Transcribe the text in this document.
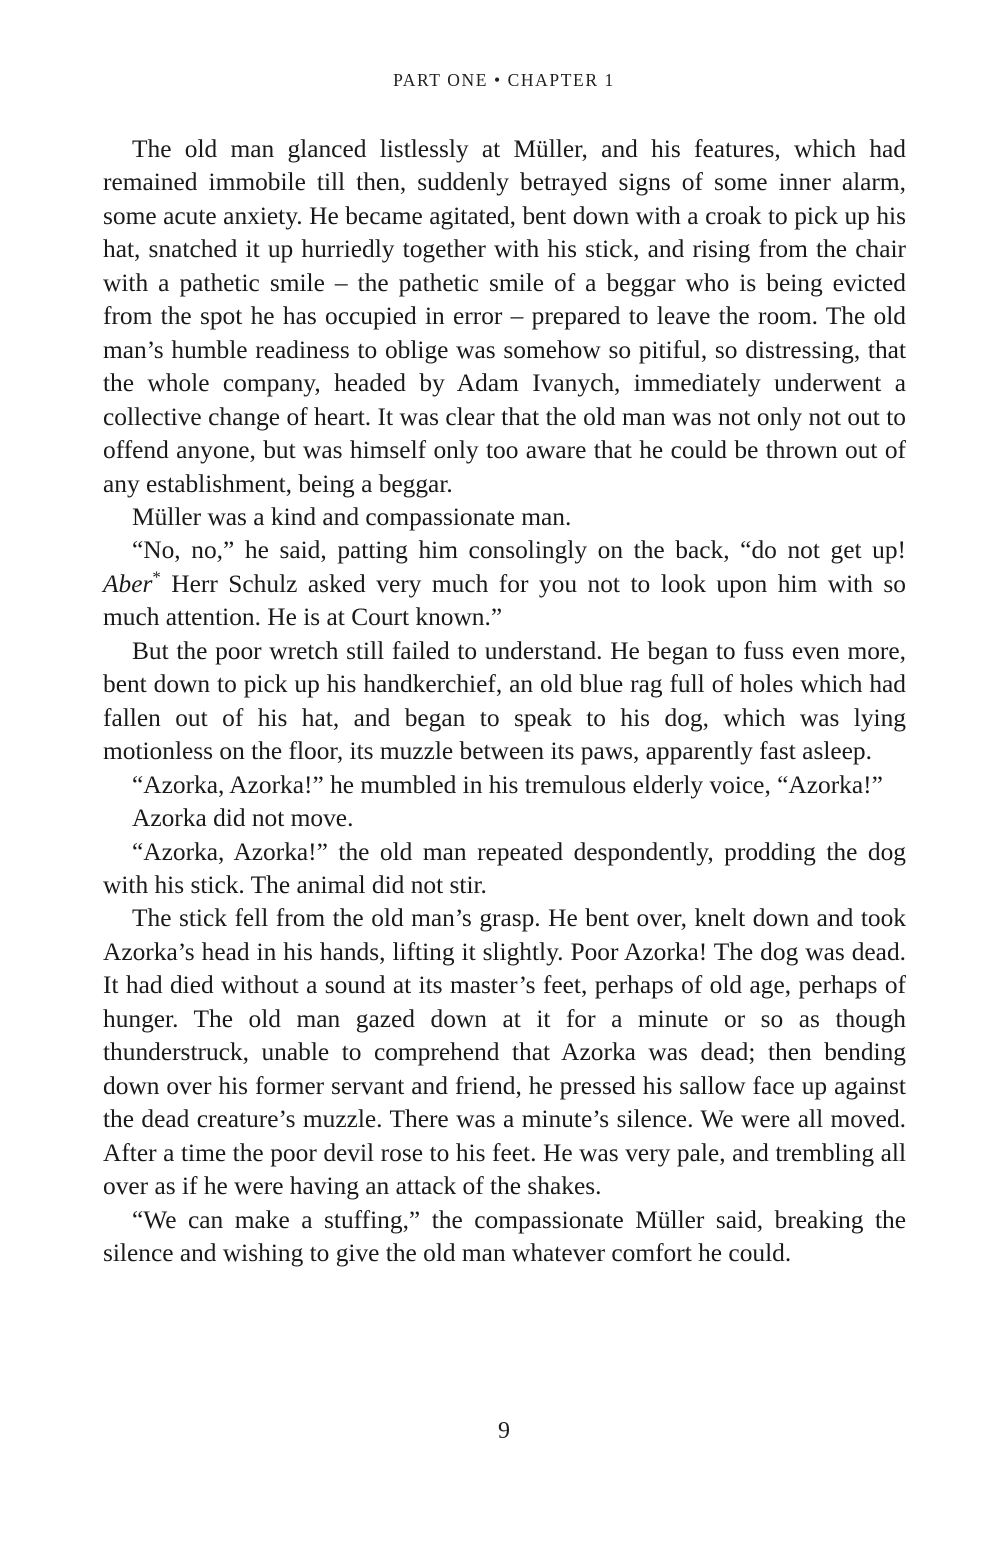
PART ONE • CHAPTER 1

The old man glanced listlessly at Müller, and his features, which had remained immobile till then, suddenly betrayed signs of some inner alarm, some acute anxiety. He became agitated, bent down with a croak to pick up his hat, snatched it up hurriedly together with his stick, and rising from the chair with a pathetic smile – the pathetic smile of a beggar who is being evicted from the spot he has occupied in error – prepared to leave the room. The old man’s humble readiness to oblige was somehow so pitiful, so distressing, that the whole company, headed by Adam Ivanych, immediately underwent a collective change of heart. It was clear that the old man was not only not out to offend anyone, but was himself only too aware that he could be thrown out of any establishment, being a beggar.

Müller was a kind and compassionate man.

“No, no,” he said, patting him consolingly on the back, “do not get up! Aber* Herr Schulz asked very much for you not to look upon him with so much attention. He is at Court known.”

But the poor wretch still failed to understand. He began to fuss even more, bent down to pick up his handkerchief, an old blue rag full of holes which had fallen out of his hat, and began to speak to his dog, which was lying motionless on the floor, its muzzle between its paws, apparently fast asleep.

“Azorka, Azorka!” he mumbled in his tremulous elderly voice, “Azorka!”

Azorka did not move.

“Azorka, Azorka!” the old man repeated despondently, prodding the dog with his stick. The animal did not stir.

The stick fell from the old man’s grasp. He bent over, knelt down and took Azorka’s head in his hands, lifting it slightly. Poor Azorka! The dog was dead. It had died without a sound at its master’s feet, perhaps of old age, perhaps of hunger. The old man gazed down at it for a minute or so as though thunderstruck, unable to comprehend that Azorka was dead; then bending down over his former servant and friend, he pressed his sallow face up against the dead creature’s muzzle. There was a minute’s silence. We were all moved. After a time the poor devil rose to his feet. He was very pale, and trembling all over as if he were having an attack of the shakes.

“We can make a stuffing,” the compassionate Müller said, breaking the silence and wishing to give the old man whatever comfort he could.

9
